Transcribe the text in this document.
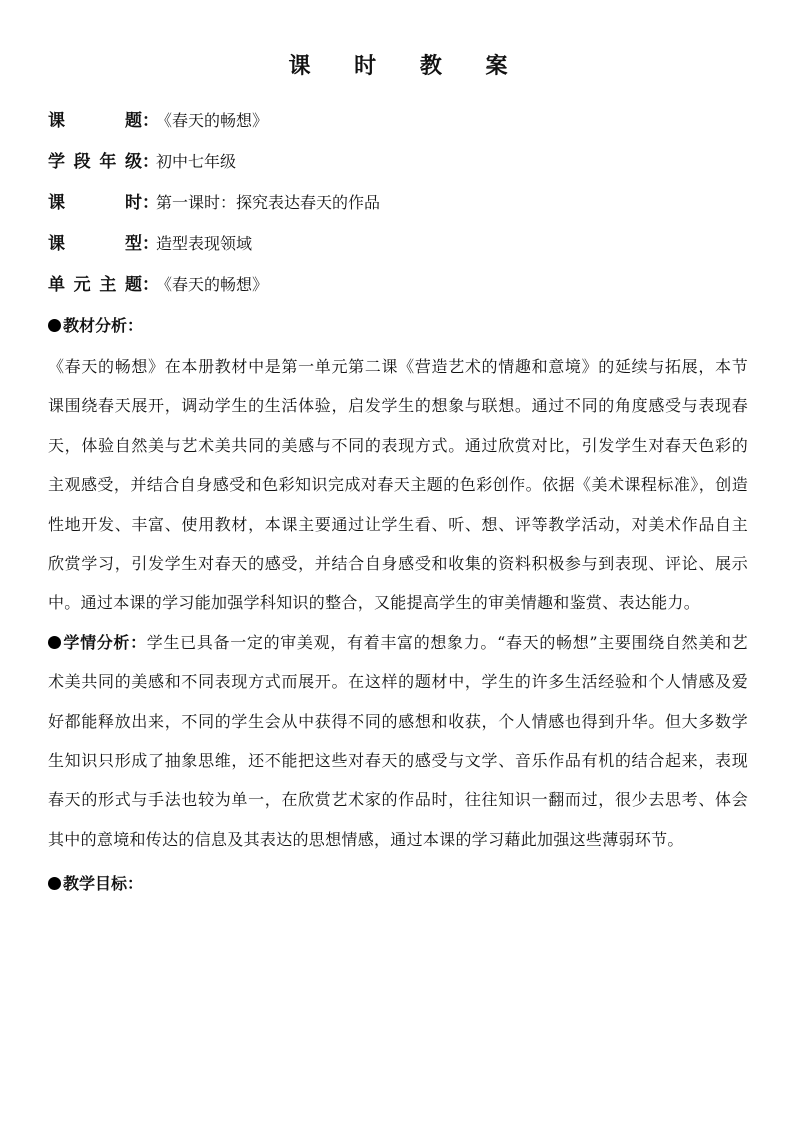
课 时 教 案
课题：《春天的畅想》
学段年级：初中七年级
课时：第一课时：探究表达春天的作品
课型：造型表现领域
单元主题：《春天的畅想》
教材分析：

《春天的畅想》在本册教材中是第一单元第二课《营造艺术的情趣和意境》的延续与拓展，本节课围绕春天展开，调动学生的生活体验，启发学生的想象与联想。通过不同的角度感受与表现春天，体验自然美与艺术美共同的美感与不同的表现方式。通过欣赏对比，引发学生对春天色彩的主观感受，并结合自身感受和色彩知识完成对春天主题的色彩创作。依据《美术课程标准》，创造性地开发、丰富、使用教材，本课主要通过让学生看、听、想、评等教学活动，对美术作品自主欣赏学习，引发学生对春天的感受，并结合自身感受和收集的资料积极参与到表现、评论、展示中。通过本课的学习能加强学科知识的整合，又能提高学生的审美情趣和鉴赏、表达能力。

学情分析：学生已具备一定的审美观，有着丰富的想象力。“春天的畅想”主要围绕自然美和艺术美共同的美感和不同表现方式而展开。在这样的题材中，学生的许多生活经验和个人情感及爱好都能释放出来，不同的学生会从中获得不同的感想和收获，个人情感也得到升华。但大多数学生知识只形成了抽象思维，还不能把这些对春天的感受与文学、音乐作品有机的结合起来，表现春天的形式与手法也较为单一，在欣赏艺术家的作品时，往往知识一翻而过，很少去思考、体会其中的意境和传达的信息及其表达的思想情感，通过本课的学习藉此加强这些薄弱环节。

教学目标：
